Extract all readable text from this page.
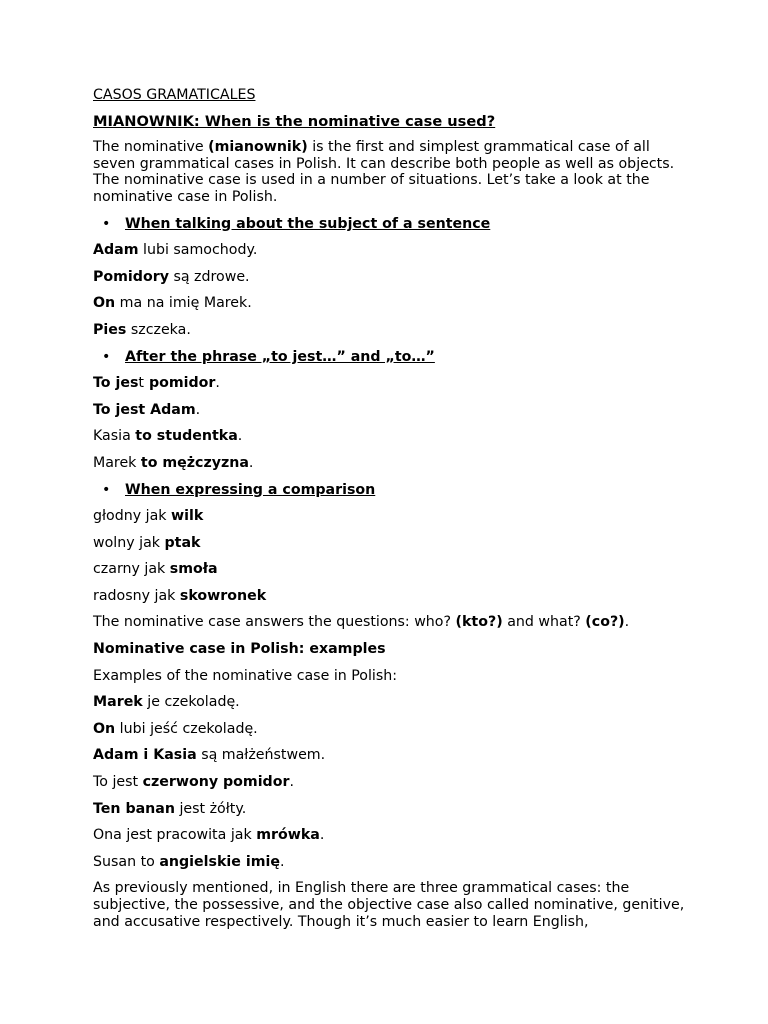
CASOS GRAMATICALES

MIANOWNIK: When is the nominative case used?

The nominative (mianownik) is the first and simplest grammatical case of all seven grammatical cases in Polish. It can describe both people as well as objects. The nominative case is used in a number of situations. Let’s take a look at the nominative case in Polish.

• When talking about the subject of a sentence

Adam lubi samochody.

Pomidory są zdrowe.

On ma na imię Marek.

Pies szczeka.

• After the phrase „to jest…” and „to…”

To jest pomidor.

To jest Adam.

Kasia to studentka.

Marek to mężczyzna.

• When expressing a comparison

głodny jak wilk

wolny jak ptak

czarny jak smoła

radosny jak skowronek

The nominative case answers the questions: who? (kto?) and what? (co?).

Nominative case in Polish: examples

Examples of the nominative case in Polish:

Marek je czekoladę.

On lubi jeść czekoladę.

Adam i Kasia są małżeństwem.

To jest czerwony pomidor.

Ten banan jest żółty.

Ona jest pracowita jak mrówka.

Susan to angielskie imię.

As previously mentioned, in English there are three grammatical cases: the subjective, the possessive, and the objective case also called nominative, genitive, and accusative respectively. Though it’s much easier to learn English,
